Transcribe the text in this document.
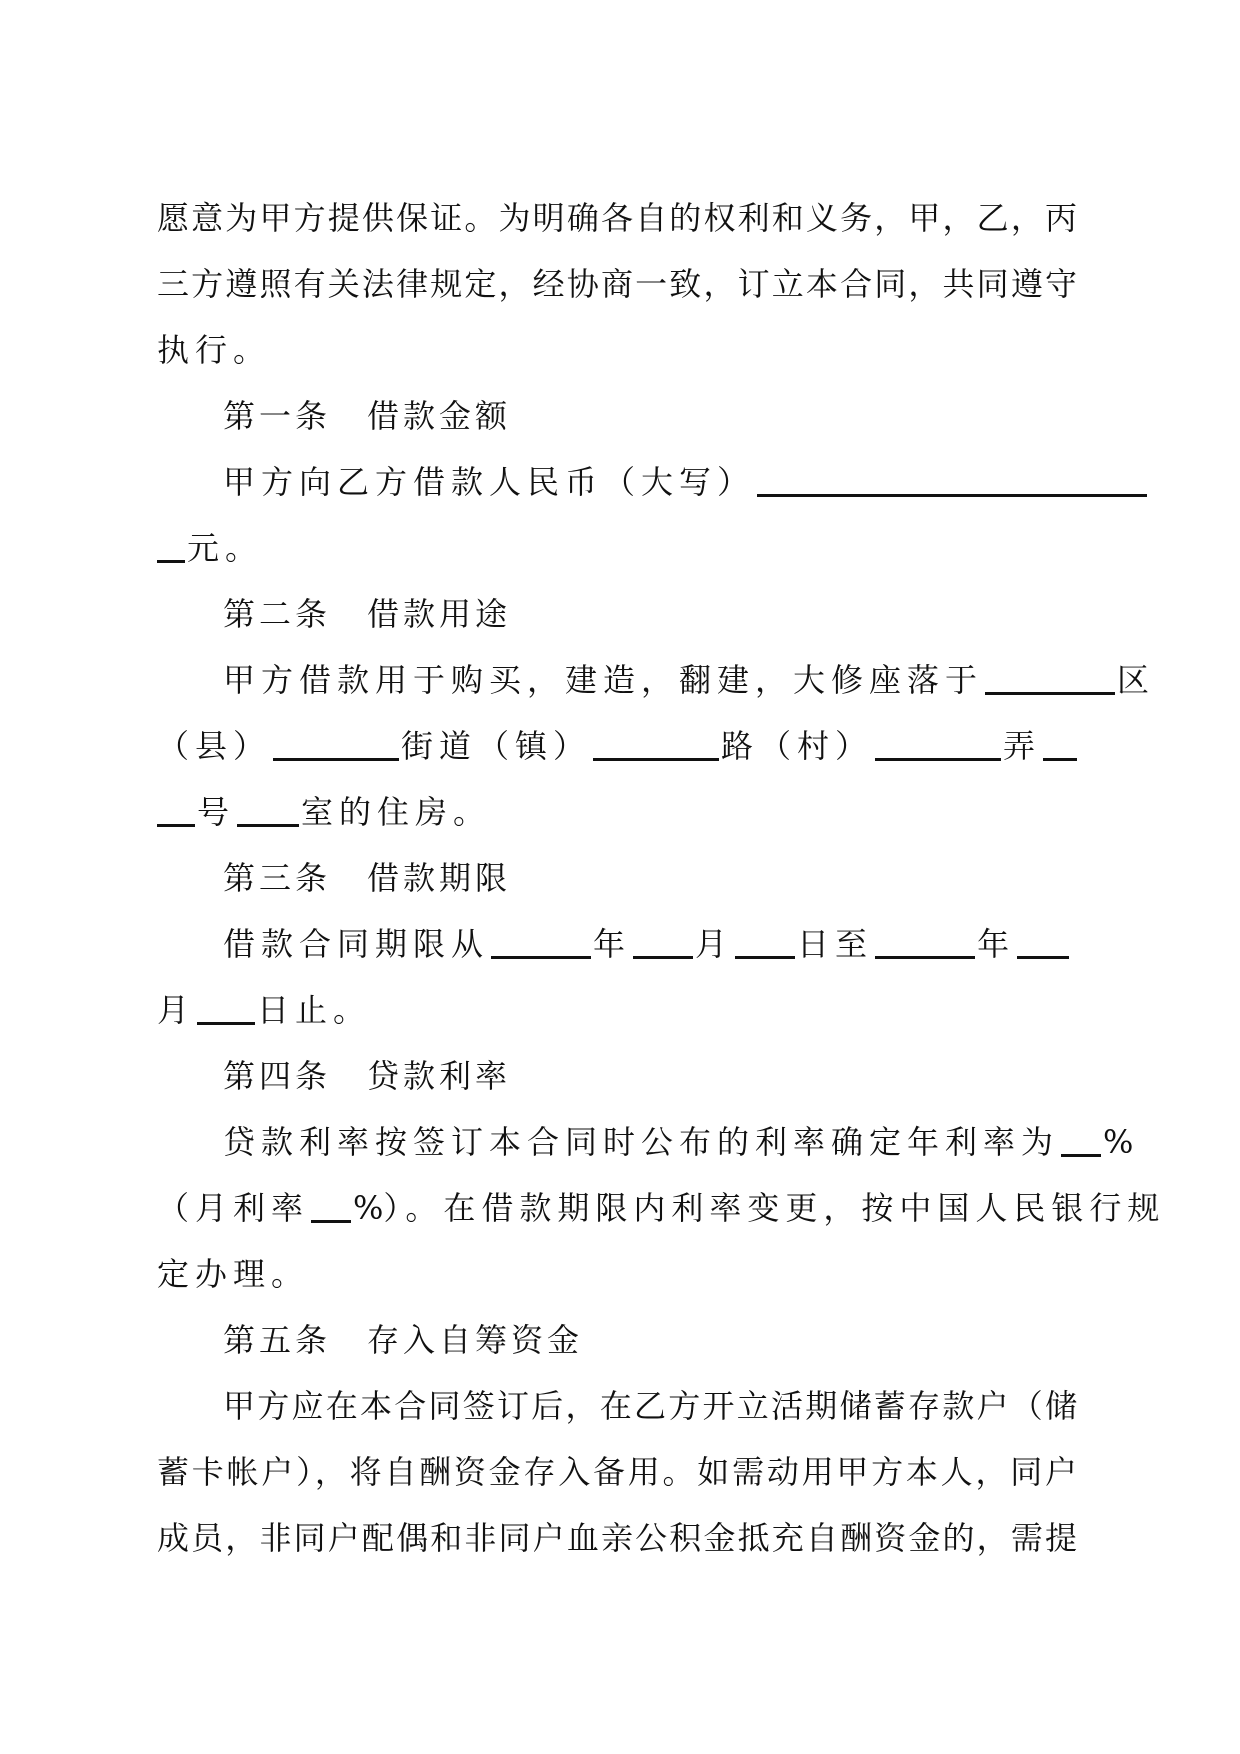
愿意为甲方提供保证。为明确各自的权利和义务，甲，乙，丙
三方遵照有关法律规定，经协商一致，订立本合同，共同遵守
执行。
第一条　借款金额
甲方向乙方借款人民币（大写）
元。
第二条　借款用途
甲方借款用于购买，建造，翻建，大修座落于	区
（县）	街道（镇）	路（村）	弄
号 室的住房。
第三条　借款期限
借款合同期限从	年 月 日至	年
月 日止。
第四条　贷款利率
贷款利率按签订本合同时公布的利率确定年利率为 %
（月利率 %）。在借款期限内利率变更，按中国人民银行规
定办理。
第五条　存入自筹资金
甲方应在本合同签订后，在乙方开立活期储蓄存款户（储
蓄卡帐户），将自酬资金存入备用。如需动用甲方本人，同户
成员，非同户配偶和非同户血亲公积金抵充自酬资金的，需提
